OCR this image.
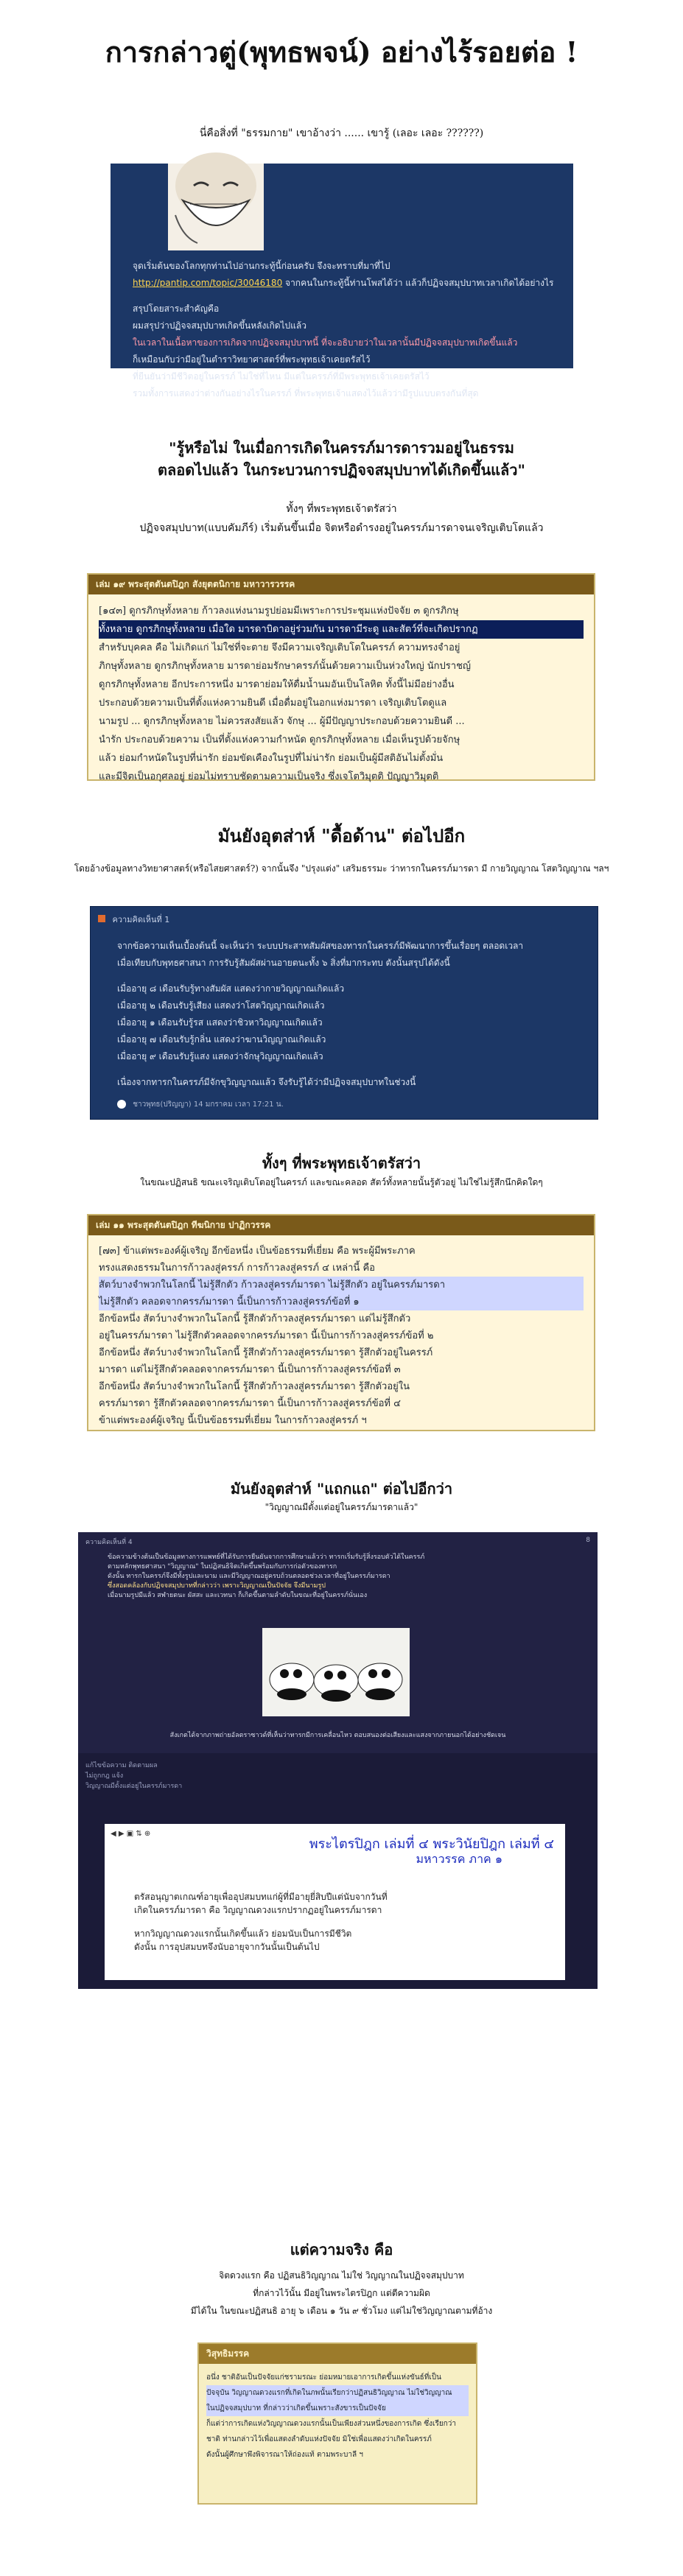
การกล่าวตู่(พุทธพจน์) อย่างไร้รอยต่อ !
นี่คือสิ่งที่ "ธรรมกาย" เขาอ้างว่า ...... เขารู้ (เลอะ เลอะ ??????)

จุดเริ่มต้นของโลกทุกท่านไปอ่านกระทู้นี้ก่อนครับ จึงจะทราบที่มาที่ไป

http://pantip.com/topic/30046180 จากคนในกระทู้นี้ท่านโพสได้ว่า แล้วก็ปฏิจจสมุปบาทเวลาเกิดได้อย่างไร

สรุปโดยสาระสำคัญคือ

ผมสรุปว่าปฏิจจสมุปบาทเกิดขึ้นหลังเกิดไปแล้ว

ในเวลาในเนื้อหาของการเกิดจากปฏิจจสมุปบาทนี้ ที่จะอธิบายว่าในเวลานั้นมีปฏิจจสมุปบาทเกิดขึ้นแล้ว

ก็เหมือนกับว่ามีอยู่ในตำราวิทยาศาสตร์ที่พระพุทธเจ้าเคยตรัสไว้

ที่ยืนยันว่ามีชีวิตอยู่ในครรภ์ ไม่ใช่ที่ไหน มีแต่ในครรภ์ที่มีพระพุทธเจ้าเคยตรัสไว้

รวมทั้งการแสดงว่าต่างกันอย่างไรในครรภ์ ที่พระพุทธเจ้าแสดงไว้แล้วว่ามีรูปแบบตรงกันที่สุด

"รู้หรือไม่ ในเมื่อการเกิดในครรภ์มารดารวมอยู่ในธรรม
ตลอดไปแล้ว ในกระบวนการปฏิจจสมุปบาทได้เกิดขึ้นแล้ว"
ทั้งๆ ที่พระพุทธเจ้าตรัสว่า
ปฏิจจสมุปบาท(แบบคัมภีร์) เริ่มต้นขึ้นเมื่อ จิตหรือดำรงอยู่ในครรภ์มารดาจนเจริญเติบโตแล้ว
เล่ม ๑๙ พระสุตตันตปิฎก สังยุตตนิกาย มหาวารวรรค
[๑๔๓] ดูกรภิกษุทั้งหลาย ก้าวลงแห่งนามรูปย่อมมีเพราะการประชุมแห่งปัจจัย ๓ ดูกรภิกษุ
ทั้งหลาย ดูกรภิกษุทั้งหลาย เมื่อใด มารดาบิดาอยู่ร่วมกัน มารดามีระดู และสัตว์ที่จะเกิดปรากฏ
สำหรับบุคคล คือ ไม่เกิดแก่ ไม่ใช่ที่จะตาย จึงมีความเจริญเติบโตในครรภ์ ความทรงจำอยู่
ภิกษุทั้งหลาย ดูกรภิกษุทั้งหลาย มารดาย่อมรักษาครรภ์นั้นด้วยความเป็นห่วงใหญ่ นักปราชญ์
ดูกรภิกษุทั้งหลาย อีกประการหนึ่ง มารดาย่อมให้ดื่มน้ำนมอันเป็นโลหิต ทั้งนี้ไม่มีอย่างอื่น
ประกอบด้วยความเป็นที่ตั้งแห่งความยินดี เมื่อดื่มอยู่ในอกแห่งมารดา เจริญเติบโตดูแล
นามรูป ... ดูกรภิกษุทั้งหลาย ไม่ควรสงสัยแล้ว จักษุ ... ผู้มีปัญญาประกอบด้วยความยินดี ...
นำรัก ประกอบด้วยความ เป็นที่ตั้งแห่งความกำหนัด ดูกรภิกษุทั้งหลาย เมื่อเห็นรูปด้วยจักษุ
แล้ว ย่อมกำหนัดในรูปที่น่ารัก ย่อมขัดเคืองในรูปที่ไม่น่ารัก ย่อมเป็นผู้มีสติอันไม่ตั้งมั่น
และมีจิตเป็นอกุศลอยู่ ย่อมไม่ทราบชัดตามความเป็นจริง ซึ่งเจโตวิมุตติ ปัญญาวิมุตติ
มันยังอุตส่าห์ "ดื้อด้าน" ต่อไปอีก
โดยอ้างข้อมูลทางวิทยาศาสตร์(หรือไสยศาสตร์?) จากนั้นจึง "ปรุงแต่ง" เสริมธรรมะ ว่าทารกในครรภ์มารดา มี กายวิญญาณ โสตวิญญาณ ฯลฯ
ความคิดเห็นที่ 1

จากข้อความเห็นเบื้องต้นนี้ จะเห็นว่า ระบบประสาทสัมผัสของทารกในครรภ์มีพัฒนาการขึ้นเรื่อยๆ ตลอดเวลา

เมื่อเทียบกับพุทธศาสนา การรับรู้สัมผัสผ่านอายตนะทั้ง ๖ สิ่งที่มากระทบ ตังนั้นสรุปได้ดังนี้

เมื่ออายุ ๘ เดือนรับรู้ทางสัมผัส แสดงว่ากายวิญญาณเกิดแล้ว

เมื่ออายุ ๒ เดือนรับรู้เสียง แสดงว่าโสตวิญญาณเกิดแล้ว

เมื่ออายุ ๑ เดือนรับรู้รส แสดงว่าชิวหาวิญญาณเกิดแล้ว

เมื่ออายุ ๗ เดือนรับรู้กลิ่น แสดงว่าฆานวิญญาณเกิดแล้ว

เมื่ออายุ ๙ เดือนรับรู้แสง แสดงว่าจักษุวิญญาณเกิดแล้ว

เนื่องจากทารกในครรภ์มีจักขุวิญญาณแล้ว จึงรับรู้ได้ว่ามีปฏิจจสมุปบาทในช่วงนี้

ชาวพุทธ(ปริญญา) 14 มกราคม เวลา 17:21 น.
ทั้งๆ ที่พระพุทธเจ้าตรัสว่า
ในขณะปฏิสนธิ ขณะเจริญเติบโตอยู่ในครรภ์ และขณะคลอด สัตว์ทั้งหลายนั้นรู้ตัวอยู่ ไม่ใช่ไม่รู้สึกนึกคิดใดๆ
เล่ม ๑๑ พระสุตตันตปิฎก ทีฆนิกาย ปาฏิกวรรค
[๗๓] ข้าแต่พระองค์ผู้เจริญ อีกข้อหนึ่ง เป็นข้อธรรมที่เยี่ยม คือ พระผู้มีพระภาค
ทรงแสดงธรรมในการก้าวลงสู่ครรภ์ การก้าวลงสู่ครรภ์ ๔ เหล่านี้ คือ
สัตว์บางจำพวกในโลกนี้ ไม่รู้สึกตัว ก้าวลงสู่ครรภ์มารดา ไม่รู้สึกตัว อยู่ในครรภ์มารดา
ไม่รู้สึกตัว คลอดจากครรภ์มารดา นี้เป็นการก้าวลงสู่ครรภ์ข้อที่ ๑
อีกข้อหนึ่ง สัตว์บางจำพวกในโลกนี้ รู้สึกตัวก้าวลงสู่ครรภ์มารดา แต่ไม่รู้สึกตัว
อยู่ในครรภ์มารดา ไม่รู้สึกตัวคลอดจากครรภ์มารดา นี้เป็นการก้าวลงสู่ครรภ์ข้อที่ ๒
อีกข้อหนึ่ง สัตว์บางจำพวกในโลกนี้ รู้สึกตัวก้าวลงสู่ครรภ์มารดา รู้สึกตัวอยู่ในครรภ์
มารดา แต่ไม่รู้สึกตัวคลอดจากครรภ์มารดา นี้เป็นการก้าวลงสู่ครรภ์ข้อที่ ๓
อีกข้อหนึ่ง สัตว์บางจำพวกในโลกนี้ รู้สึกตัวก้าวลงสู่ครรภ์มารดา รู้สึกตัวอยู่ใน
ครรภ์มารดา รู้สึกตัวคลอดจากครรภ์มารดา นี้เป็นการก้าวลงสู่ครรภ์ข้อที่ ๔
ข้าแต่พระองค์ผู้เจริญ นี้เป็นข้อธรรมที่เยี่ยม ในการก้าวลงสู่ครรภ์ ฯ
มันยังอุตส่าห์ "แถกแถ" ต่อไปอีกว่า
"วิญญาณมีตั้งแต่อยู่ในครรภ์มารดาแล้ว"
ความคิดเห็นที่ 4	8
ข้อความข้างต้นเป็นข้อมูลทางการแพทย์ที่ได้รับการยืนยันจากการศึกษาแล้วว่า ทารกเริ่มรับรู้สิ่งรอบตัวได้ในครรภ์
ตามหลักพุทธศาสนา "วิญญาณ" ในปฏิสนธิจิตเกิดขึ้นพร้อมกับการก่อตัวของทารก
ดังนั้น ทารกในครรภ์จึงมีทั้งรูปและนาม และมีวิญญาณอยู่ครบถ้วนตลอดช่วงเวลาที่อยู่ในครรภ์มารดา
ซึ่งสอดคล้องกับปฏิจจสมุปบาทที่กล่าวว่า เพราะวิญญาณเป็นปัจจัย จึงมีนามรูป
เมื่อนามรูปมีแล้ว สฬายตนะ ผัสสะ และเวทนา ก็เกิดขึ้นตามลำดับในขณะที่อยู่ในครรภ์นั่นเอง
สังเกตได้จากภาพถ่ายอัลตราซาวด์ที่เห็นว่าทารกมีการเคลื่อนไหว ตอบสนองต่อเสียงและแสงจากภายนอกได้อย่างชัดเจน
แก้ไขข้อความ ติดตามผล
ไม่ถูกกฎ แจ้ง
วิญญาณมีตั้งแต่อยู่ในครรภ์มารดา
◀ ▶ ▣ ⇅ ⊕
พระไตรปิฎก เล่มที่ ๔ พระวินัยปิฎก เล่มที่ ๔
มหาวรรค ภาค ๑
ตรัสอนุญาตเกณฑ์อายุเพื่ออุปสมบทแก่ผู้ที่มีอายุยี่สิบปีแต่นับจากวันที่
เกิดในครรภ์มารดา คือ วิญญาณดวงแรกปรากฏอยู่ในครรภ์มารดา
หากวิญญาณดวงแรกนั้นเกิดขึ้นแล้ว ย่อมนับเป็นการมีชีวิต
ดังนั้น การอุปสมบทจึงนับอายุจากวันนั้นเป็นต้นไป
แต่ความจริง คือ
จิตดวงแรก คือ ปฏิสนธิวิญญาณ ไม่ใช่ วิญญาณในปฏิจจสมุปบาท
ที่กล่าวไว้นั้น มีอยู่ในพระไตรปิฎก แต่ตีความผิด
มีได้ใน ในขณะปฏิสนธิ อายุ ๖ เดือน ๑ วัน ๙ ชั่วโมง แต่ไม่ใช่วิญญาณตามที่อ้าง
วิสุทธิมรรค
อนึ่ง ชาติอันเป็นปัจจัยแก่ชรามรณะ ย่อมหมายเอาการเกิดขึ้นแห่งขันธ์ที่เป็น
ปัจจุบัน วิญญาณดวงแรกที่เกิดในภพนั้นเรียกว่าปฏิสนธิวิญญาณ ไม่ใช่วิญญาณ
ในปฏิจจสมุปบาท ที่กล่าวว่าเกิดขึ้นเพราะสังขารเป็นปัจจัย
ก็แต่ว่าการเกิดแห่งวิญญาณดวงแรกนั้นเป็นเพียงส่วนหนึ่งของการเกิด ซึ่งเรียกว่า
ชาติ ท่านกล่าวไว้เพื่อแสดงลำดับแห่งปัจจัย มิใช่เพื่อแสดงว่าเกิดในครรภ์
ดังนั้นผู้ศึกษาพึงพิจารณาให้ถ่องแท้ ตามพระบาลี ฯ
